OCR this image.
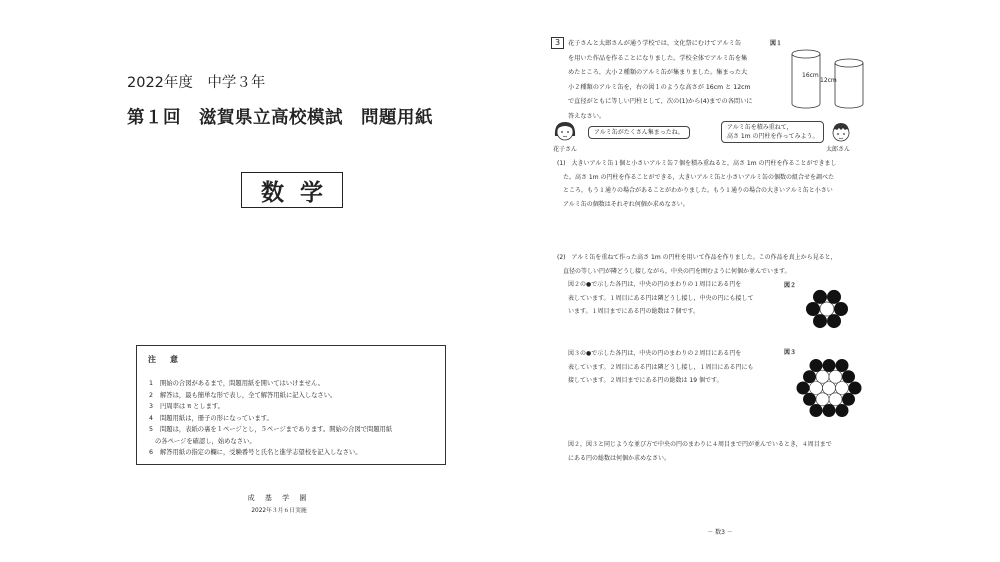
2022年度　中学３年
第１回　滋賀県立高校模試　問題用紙
数学
注　意
1 開始の合図があるまで，問題用紙を開いてはいけません。
2 解答は，最も簡単な形で表し，全て解答用紙に記入しなさい。
3 円周率は π とします。
4 問題用紙は，冊子の形になっています。
5 問題は，表紙の裏を１ページとし，５ページまであります。開始の合図で問題用紙
の各ページを確認し，始めなさい。
6 解答用紙の指定の欄に，受験番号と氏名と進学志望校を記入しなさい。
成 基 学 園
2022年３月６日実施
3	花子さんと太郎さんが通う学校では，文化祭にむけてアルミ缶
を用いた作品を作ることになりました。学校全体でアルミ缶を集
めたところ，大小２種類のアルミ缶が集まりました。集まった大
小２種類のアルミ缶を，右の図１のような高さが 16cm と 12cm
で直径がともに等しい円柱として，次の(1)から(4)までの各問いに
答えなさい。
図１
16cm
12cm
アルミ缶がたくさん集まったね。
花子さん
アルミ缶を積み重ねて，
高さ 1m の円柱を作ってみよう。
太郎さん
(1)　大きいアルミ缶１個と小さいアルミ缶７個を積み重ねると，高さ 1m の円柱を作ることができまし
　た。高さ 1m の円柱を作ることができる，大きいアルミ缶と小さいアルミ缶の個数の組合せを調べた
　ところ，もう１通りの場合があることがわかりました。もう１通りの場合の大きいアルミ缶と小さい
　アルミ缶の個数はそれぞれ何個か求めなさい。
(2)　アルミ缶を重ねて作った高さ 1m の円柱を用いて作品を作りました。この作品を真上から見ると，
　直径の等しい円が隣どうし接しながら，中央の円を囲むように何個か並んでいます。
図２の●で示した各円は，中央の円のまわりの１周目にある円を
表しています。１周目にある円は隣どうし接し，中央の円にも接して
います。１周目までにある円の総数は７個です。
図２
図３の●で示した各円は，中央の円のまわりの２周目にある円を
表しています。２周目にある円は隣どうし接し，１周目にある円にも
接しています。２周目までにある円の総数は 19 個です。
図３
図２，図３と同じような並び方で中央の円のまわりに４周目まで円が並んでいるとき，４周目まで
にある円の総数は何個か求めなさい。
－ 数3 －
